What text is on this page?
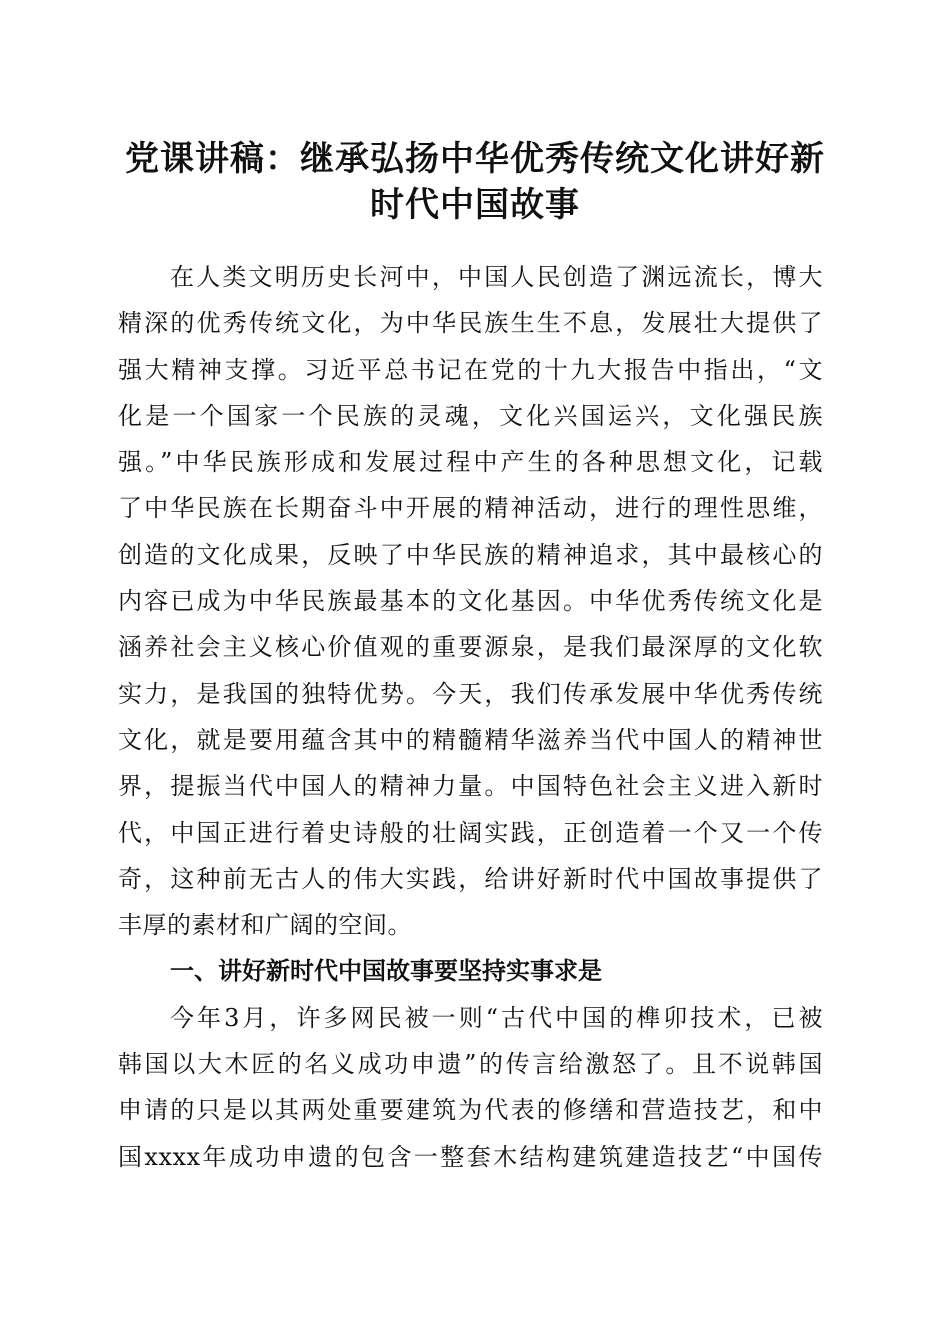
党课讲稿：继承弘扬中华优秀传统文化讲好新
时代中国故事
在人类文明历史长河中，中国人民创造了渊远流长，博大
精深的优秀传统文化，为中华民族生生不息，发展壮大提供了
强大精神支撑。习近平总书记在党的十九大报告中指出，“文
化是一个国家一个民族的灵魂，文化兴国运兴，文化强民族
强。”中华民族形成和发展过程中产生的各种思想文化，记载
了中华民族在长期奋斗中开展的精神活动，进行的理性思维，
创造的文化成果，反映了中华民族的精神追求，其中最核心的
内容已成为中华民族最基本的文化基因。中华优秀传统文化是
涵养社会主义核心价值观的重要源泉，是我们最深厚的文化软
实力，是我国的独特优势。今天，我们传承发展中华优秀传统
文化，就是要用蕴含其中的精髓精华滋养当代中国人的精神世
界，提振当代中国人的精神力量。中国特色社会主义进入新时
代，中国正进行着史诗般的壮阔实践，正创造着一个又一个传
奇，这种前无古人的伟大实践，给讲好新时代中国故事提供了
丰厚的素材和广阔的空间。
一、讲好新时代中国故事要坚持实事求是
今年3月，许多网民被一则“古代中国的榫卯技术，已被
韩国以大木匠的名义成功申遗”的传言给激怒了。且不说韩国
申请的只是以其两处重要建筑为代表的修缮和营造技艺，和中
国xxxx年成功申遗的包含一整套木结构建筑建造技艺“中国传
